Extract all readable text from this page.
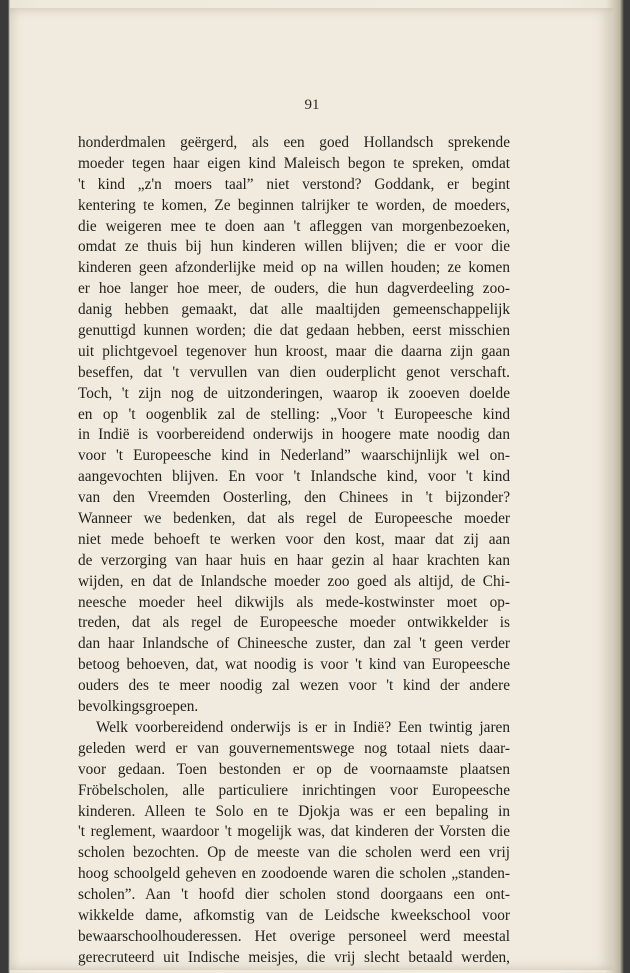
91
honderdmalen geërgerd, als een goed Hollandsch sprekende
moeder tegen haar eigen kind Maleisch begon te spreken, omdat
't kind „z'n moers taal” niet verstond? Goddank, er begint
kentering te komen, Ze beginnen talrijker te worden, de moeders,
die weigeren mee te doen aan 't afleggen van morgenbezoeken,
omdat ze thuis bij hun kinderen willen blijven; die er voor die
kinderen geen afzonderlijke meid op na willen houden; ze komen
er hoe langer hoe meer, de ouders, die hun dagverdeeling zoo-
danig hebben gemaakt, dat alle maaltijden gemeenschappelijk
genuttigd kunnen worden; die dat gedaan hebben, eerst misschien
uit plichtgevoel tegenover hun kroost, maar die daarna zijn gaan
beseffen, dat 't vervullen van dien ouderplicht genot verschaft.
Toch, 't zijn nog de uitzonderingen, waarop ik zooeven doelde
en op 't oogenblik zal de stelling: „Voor 't Europeesche kind
in Indië is voorbereidend onderwijs in hoogere mate noodig dan
voor 't Europeesche kind in Nederland” waarschijnlijk wel on-
aangevochten blijven. En voor 't Inlandsche kind, voor 't kind
van den Vreemden Oosterling, den Chinees in 't bijzonder?
Wanneer we bedenken, dat als regel de Europeesche moeder
niet mede behoeft te werken voor den kost, maar dat zij aan
de verzorging van haar huis en haar gezin al haar krachten kan
wijden, en dat de Inlandsche moeder zoo goed als altijd, de Chi-
neesche moeder heel dikwijls als mede-kostwinster moet op-
treden, dat als regel de Europeesche moeder ontwikkelder is
dan haar Inlandsche of Chineesche zuster, dan zal 't geen verder
betoog behoeven, dat, wat noodig is voor 't kind van Europeesche
ouders des te meer noodig zal wezen voor 't kind der andere
bevolkingsgroepen.
Welk voorbereidend onderwijs is er in Indië? Een twintig jaren
geleden werd er van gouvernementswege nog totaal niets daar-
voor gedaan. Toen bestonden er op de voornaamste plaatsen
Fröbelscholen, alle particuliere inrichtingen voor Europeesche
kinderen. Alleen te Solo en te Djokja was er een bepaling in
't reglement, waardoor 't mogelijk was, dat kinderen der Vorsten die
scholen bezochten. Op de meeste van die scholen werd een vrij
hoog schoolgeld geheven en zoodoende waren die scholen „standen-
scholen”. Aan 't hoofd dier scholen stond doorgaans een ont-
wikkelde dame, afkomstig van de Leidsche kweekschool voor
bewaarschoolhouderessen. Het overige personeel werd meestal
gerecruteerd uit Indische meisjes, die vrij slecht betaald werden,
